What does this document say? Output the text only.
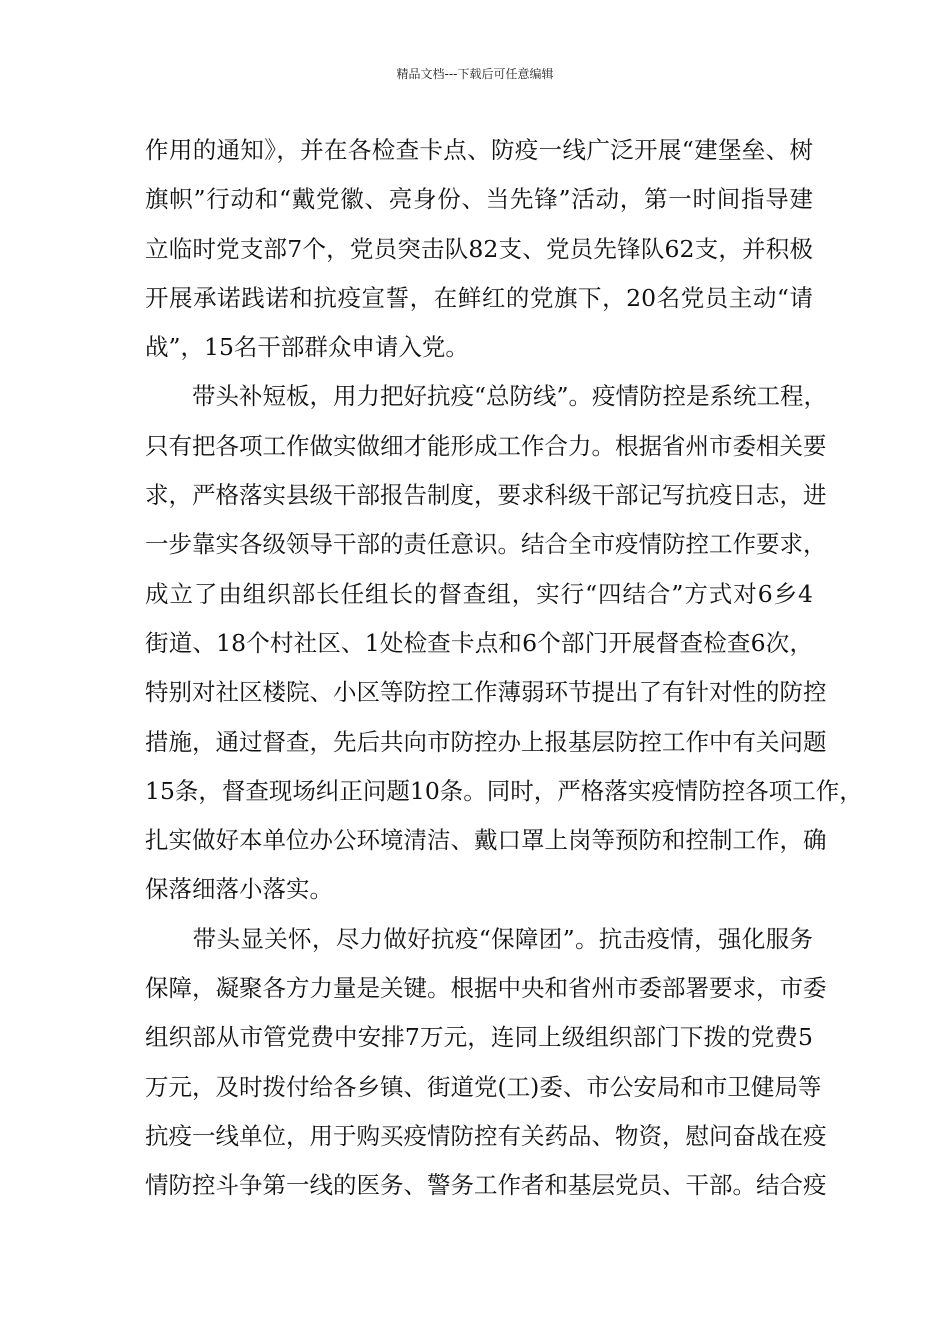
精品文档---下载后可任意编辑
作用的通知》，并在各检查卡点、防疫一线广泛开展“建堡垒、树
旗帜”行动和“戴党徽、亮身份、当先锋”活动，第一时间指导建
立临时党支部7个，党员突击队82支、党员先锋队62支，并积极
开展承诺践诺和抗疫宣誓，在鲜红的党旗下，20名党员主动“请
战”，15名干部群众申请入党。
　　带头补短板，用力把好抗疫“总防线”。疫情防控是系统工程，
只有把各项工作做实做细才能形成工作合力。根据省州市委相关要
求，严格落实县级干部报告制度，要求科级干部记写抗疫日志，进
一步靠实各级领导干部的责任意识。结合全市疫情防控工作要求，
成立了由组织部长任组长的督查组，实行“四结合”方式对6乡4
街道、18个村社区、1处检查卡点和6个部门开展督查检查6次，
特别对社区楼院、小区等防控工作薄弱环节提出了有针对性的防控
措施，通过督查，先后共向市防控办上报基层防控工作中有关问题
15条，督查现场纠正问题10条。同时，严格落实疫情防控各项工作，
扎实做好本单位办公环境清洁、戴口罩上岗等预防和控制工作，确
保落细落小落实。
　　带头显关怀，尽力做好抗疫“保障团”。抗击疫情，强化服务
保障，凝聚各方力量是关键。根据中央和省州市委部署要求，市委
组织部从市管党费中安排7万元，连同上级组织部门下拨的党费5
万元，及时拨付给各乡镇、街道党(工)委、市公安局和市卫健局等
抗疫一线单位，用于购买疫情防控有关药品、物资，慰问奋战在疫
情防控斗争第一线的医务、警务工作者和基层党员、干部。结合疫
